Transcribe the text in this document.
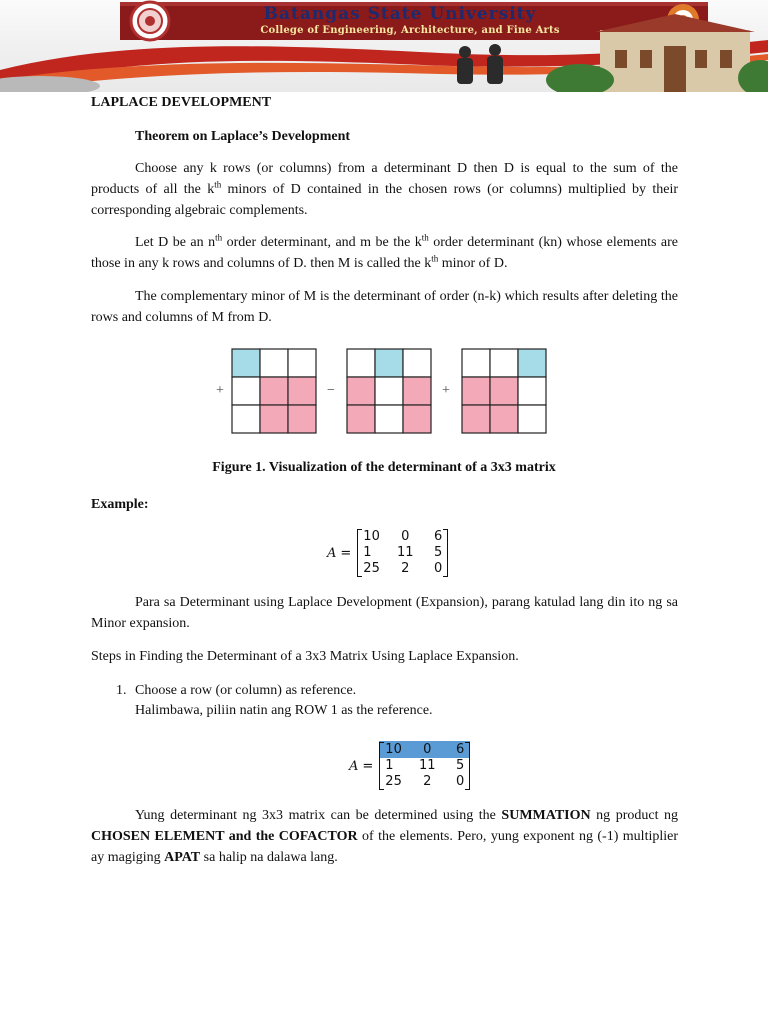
Batangas State University
College of Engineering, Architecture, and Fine Arts
LAPLACE DEVELOPMENT
Theorem on Laplace’s Development
Choose any k rows (or columns) from a determinant D then D is equal to the sum of the products of all the $k^{th}$ minors of D contained in the chosen rows (or columns) multiplied by their corresponding algebraic complements.
Let D be an $n^{th}$ order determinant, and m be the $k^{th}$ order determinant (kn) whose elements are those in any k rows and columns of D. then M is called the $k^{th}$ minor of D.
The complementary minor of M is the determinant of order (n-k) which results after deleting the rows and columns of M from D.
+	−	+
Figure 1. Visualization of the determinant of a 3x3 matrix
Example:
A =
10	0	6
1	11	5
25	2	0
Para sa Determinant using Laplace Development (Expansion), parang katulad lang din ito ng sa Minor expansion.
Steps in Finding the Determinant of a 3x3 Matrix Using Laplace Expansion.
1. Choose a row (or column) as reference.
Halimbawa, piliin natin ang ROW 1 as the reference.
A =
10	0	6
1	11	5
25	2	0
Yung determinant ng 3x3 matrix can be determined using the SUMMATION ng product ng CHOSEN ELEMENT and the COFACTOR of the elements. Pero, yung exponent ng (-1) multiplier ay magiging APAT sa halip na dalawa lang.
